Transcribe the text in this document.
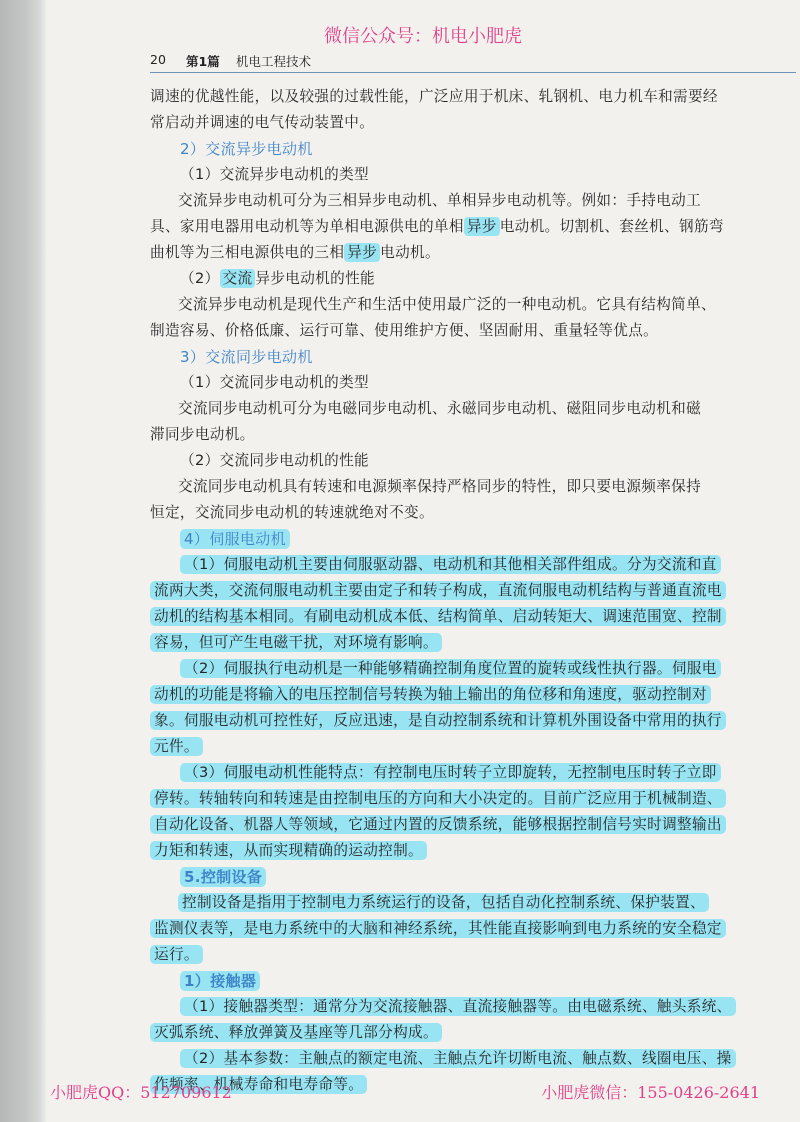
微信公众号：机电小肥虎
20 第1篇 机电工程技术
调速的优越性能，以及较强的过载性能，广泛应用于机床、轧钢机、电力机车和需要经
常启动并调速的电气传动装置中。
2）交流异步电动机
（1）交流异步电动机的类型
交流异步电动机可分为三相异步电动机、单相异步电动机等。例如：手持电动工
具、家用电器用电动机等为单相电源供电的单相 异步 电动机。切割机、套丝机、钢筋弯
曲机等为三相电源供电的三相 异步 电动机。
（2） 交流 异步电动机的性能
交流异步电动机是现代生产和生活中使用最广泛的一种电动机。它具有结构简单、
制造容易、价格低廉、运行可靠、使用维护方便、坚固耐用、重量轻等优点。
3）交流同步电动机
（1）交流同步电动机的类型
交流同步电动机可分为电磁同步电动机、永磁同步电动机、磁阻同步电动机和磁
滞同步电动机。
（2）交流同步电动机的性能
交流同步电动机具有转速和电源频率保持严格同步的特性，即只要电源频率保持
恒定，交流同步电动机的转速就绝对不变。
4）伺服电动机
（1）伺服电动机主要由伺服驱动器、电动机和其他相关部件组成。分为交流和直
流两大类，交流伺服电动机主要由定子和转子构成，直流伺服电动机结构与普通直流电
动机的结构基本相同。有刷电动机成本低、结构简单、启动转矩大、调速范围宽、控制
容易，但可产生电磁干扰，对环境有影响。
（2）伺服执行电动机是一种能够精确控制角度位置的旋转或线性执行器。伺服电
动机的功能是将输入的电压控制信号转换为轴上输出的角位移和角速度，驱动控制对
象。伺服电动机可控性好，反应迅速，是自动控制系统和计算机外围设备中常用的执行
元件。
（3）伺服电动机性能特点：有控制电压时转子立即旋转，无控制电压时转子立即
停转。转轴转向和转速是由控制电压的方向和大小决定的。目前广泛应用于机械制造、
自动化设备、机器人等领域，它通过内置的反馈系统，能够根据控制信号实时调整输出
力矩和转速，从而实现精确的运动控制。
5.控制设备
控制设备是指用于控制电力系统运行的设备，包括自动化控制系统、保护装置、
监测仪表等，是电力系统中的大脑和神经系统，其性能直接影响到电力系统的安全稳定
运行。
1）接触器
（1）接触器类型：通常分为交流接触器、直流接触器等。由电磁系统、触头系统、
灭弧系统、释放弹簧及基座等几部分构成。
（2）基本参数：主触点的额定电流、主触点允许切断电流、触点数、线圈电压、操
作频率、机械寿命和电寿命等。
小肥虎QQ：512709612	小肥虎微信：155-0426-2641
